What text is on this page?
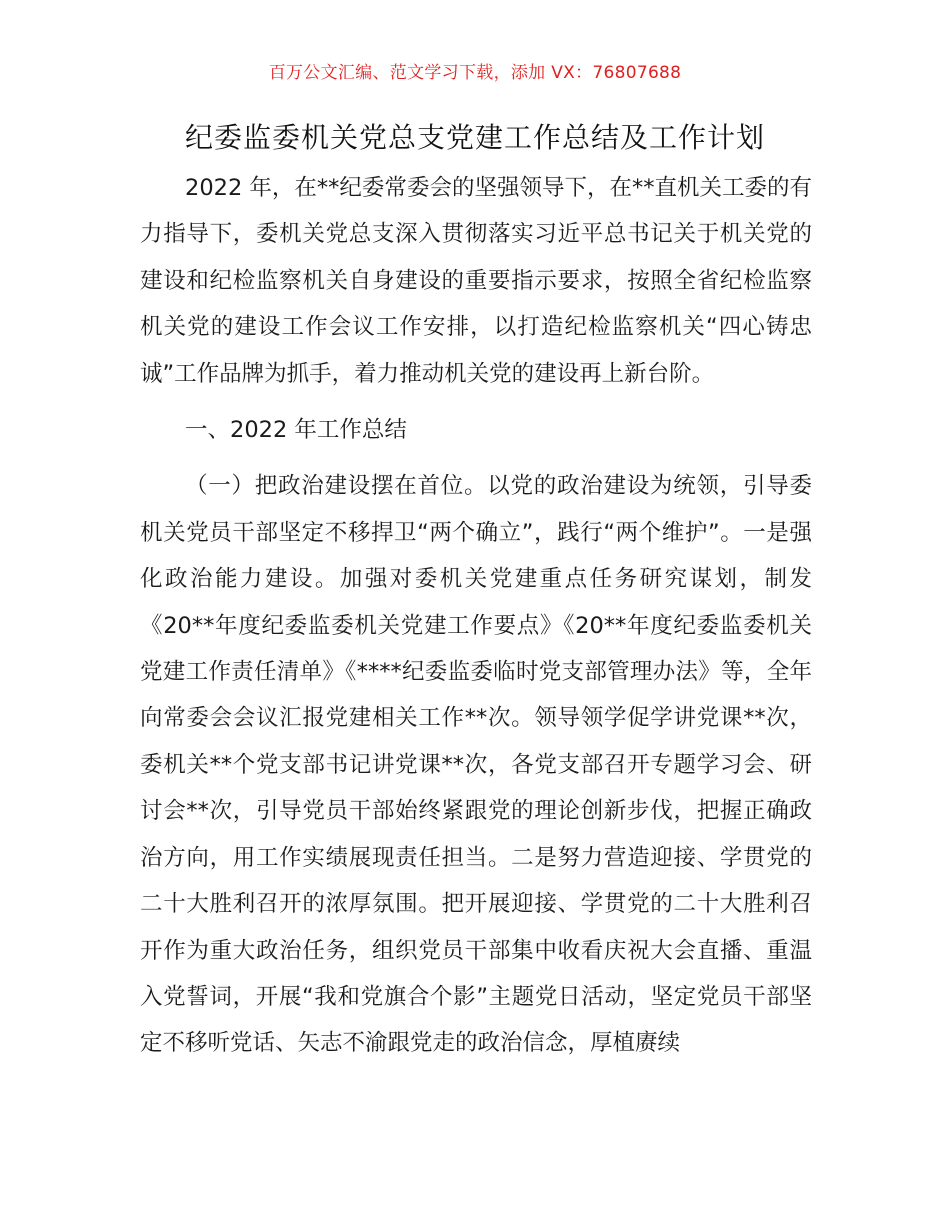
百万公文汇编、范文学习下载，添加 VX：76807688
纪委监委机关党总支党建工作总结及工作计划

2022 年，在**纪委常委会的坚强领导下，在**直机关工委的有力指导下，委机关党总支深入贯彻落实习近平总书记关于机关党的建设和纪检监察机关自身建设的重要指示要求，按照全省纪检监察机关党的建设工作会议工作安排，以打造纪检监察机关“四心铸忠诚”工作品牌为抓手，着力推动机关党的建设再上新台阶。

一、2022 年工作总结

（一）把政治建设摆在首位。以党的政治建设为统领，引导委机关党员干部坚定不移捍卫“两个确立”，践行“两个维护”。一是强化政治能力建设。加强对委机关党建重点任务研究谋划，制发《20**年度纪委监委机关党建工作要点》《20**年度纪委监委机关党建工作责任清单》《****纪委监委临时党支部管理办法》等，全年向常委会会议汇报党建相关工作**次。领导领学促学讲党课**次，委机关**个党支部书记讲党课**次，各党支部召开专题学习会、研讨会**次，引导党员干部始终紧跟党的理论创新步伐，把握正确政治方向，用工作实绩展现责任担当。二是努力营造迎接、学贯党的二十大胜利召开的浓厚氛围。把开展迎接、学贯党的二十大胜利召开作为重大政治任务，组织党员干部集中收看庆祝大会直播、重温入党誓词，开展“我和党旗合个影”主题党日活动，坚定党员干部坚定不移听党话、矢志不渝跟党走的政治信念，厚植赓续
